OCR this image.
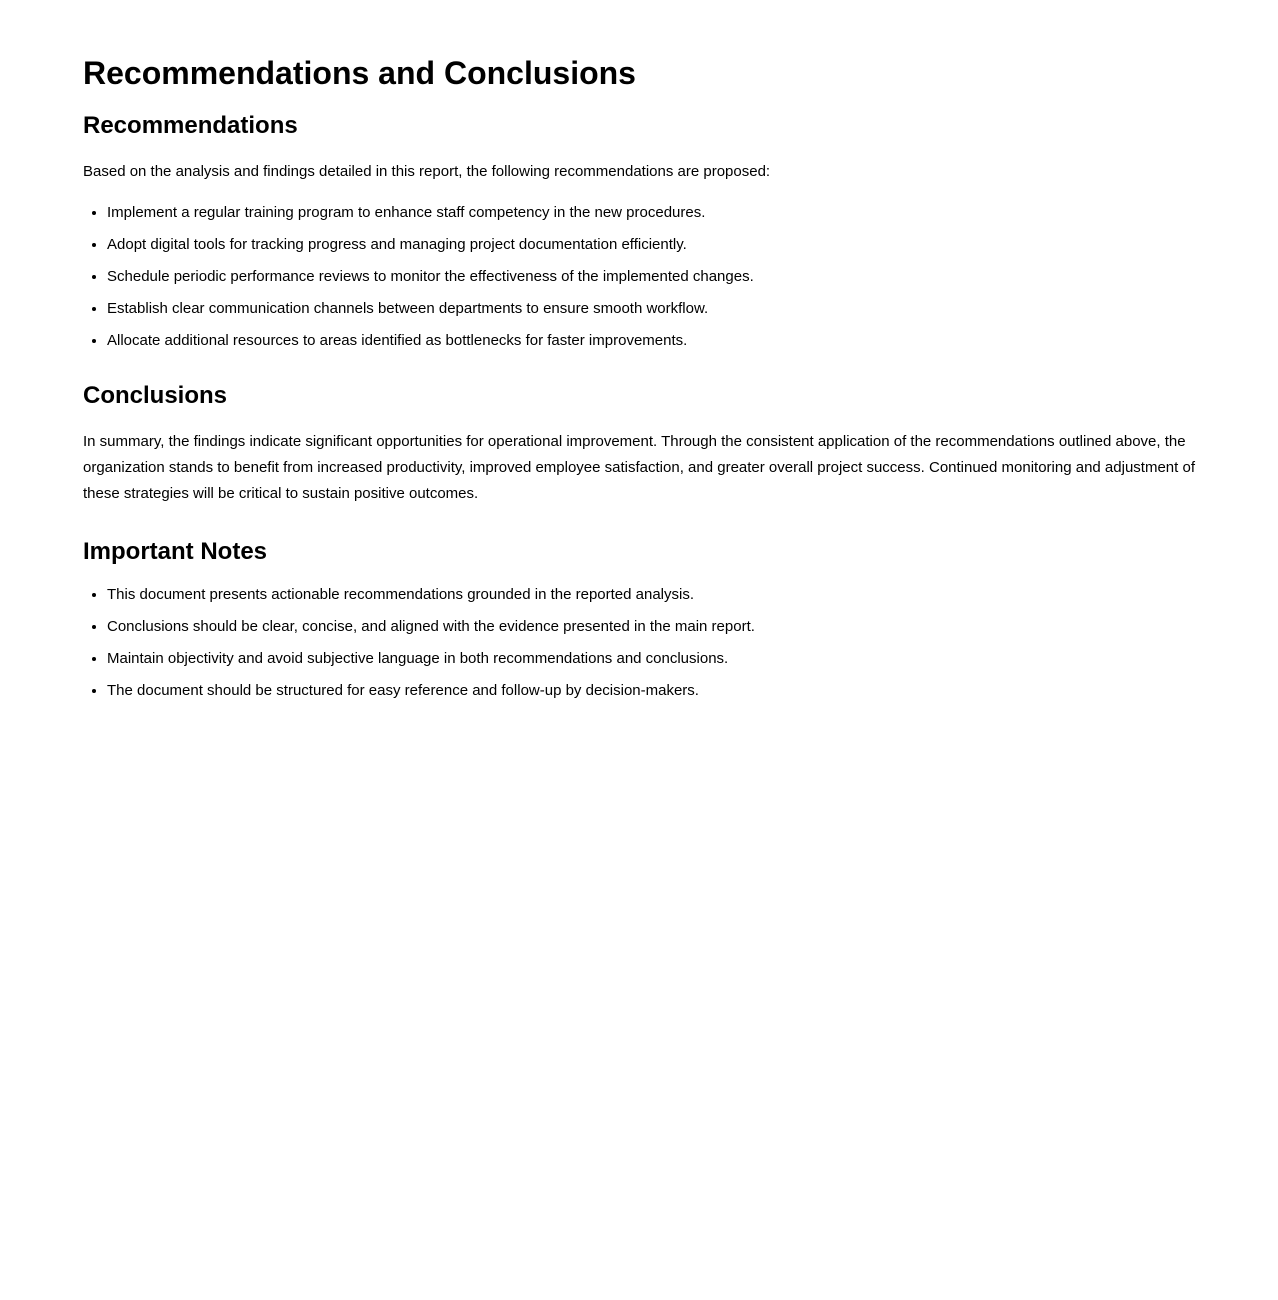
Recommendations and Conclusions
Recommendations

Based on the analysis and findings detailed in this report, the following recommendations are proposed:

• Implement a regular training program to enhance staff competency in the new procedures.
• Adopt digital tools for tracking progress and managing project documentation efficiently.
• Schedule periodic performance reviews to monitor the effectiveness of the implemented changes.
• Establish clear communication channels between departments to ensure smooth workflow.
• Allocate additional resources to areas identified as bottlenecks for faster improvements.
Conclusions

In summary, the findings indicate significant opportunities for operational improvement. Through the consistent application of the recommendations outlined above, the organization stands to benefit from increased productivity, improved employee satisfaction, and greater overall project success. Continued monitoring and adjustment of these strategies will be critical to sustain positive outcomes.

Important Notes
• This document presents actionable recommendations grounded in the reported analysis.
• Conclusions should be clear, concise, and aligned with the evidence presented in the main report.
• Maintain objectivity and avoid subjective language in both recommendations and conclusions.
• The document should be structured for easy reference and follow-up by decision-makers.
